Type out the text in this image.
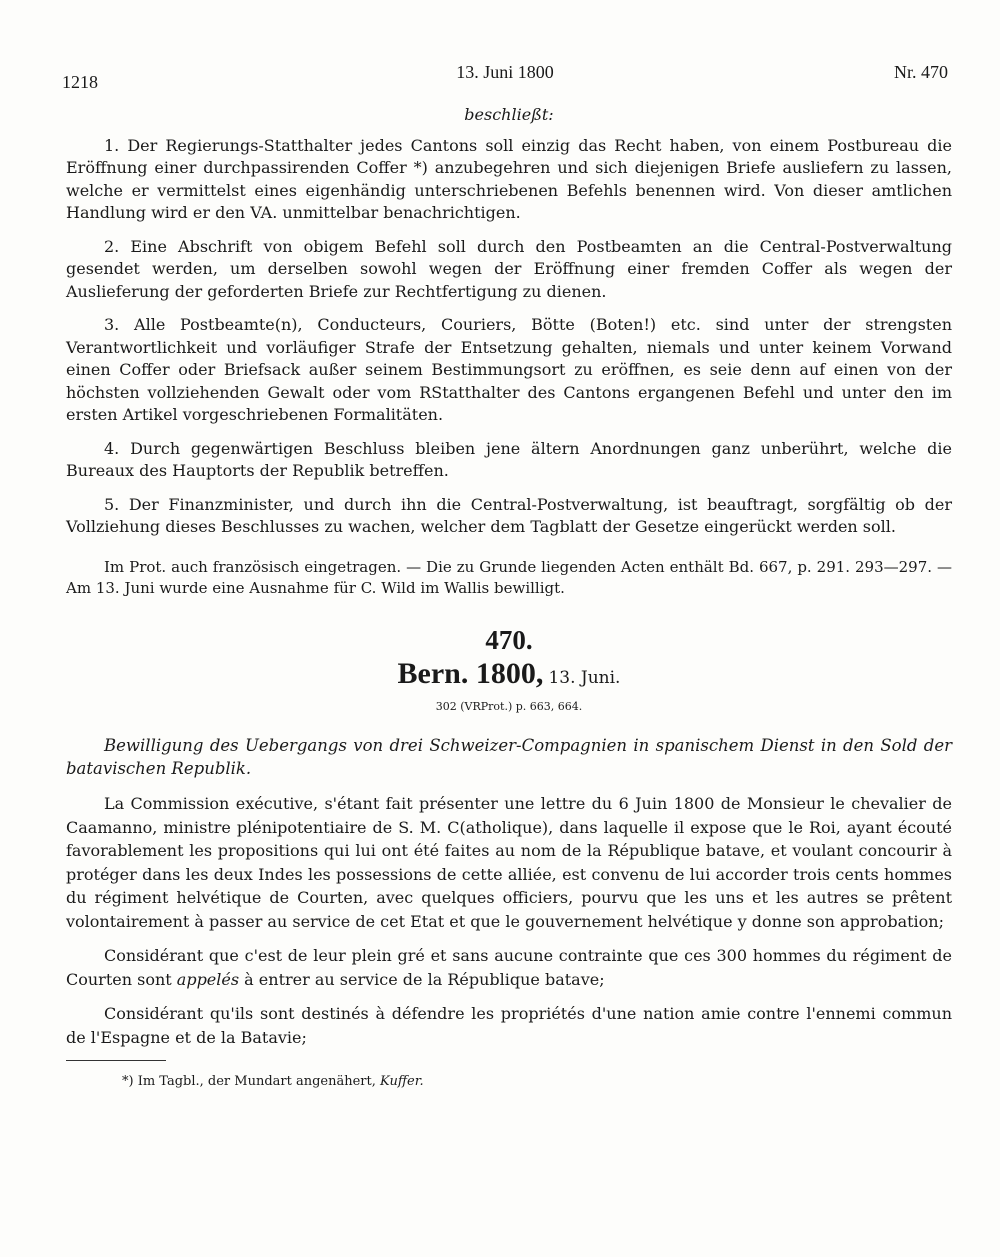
1218	13. Juni 1800	Nr. 470
beschließt:

1. Der Regierungs-Statthalter jedes Cantons soll einzig das Recht haben, von einem Postbureau die Eröffnung einer durchpassirenden Coffer *) anzubegehren und sich diejenigen Briefe ausliefern zu lassen, welche er vermittelst eines eigenhändig unterschriebenen Befehls benennen wird. Von dieser amtlichen Handlung wird er den VA. unmittelbar benachrichtigen.

2. Eine Abschrift von obigem Befehl soll durch den Postbeamten an die Central-Postverwaltung gesendet werden, um derselben sowohl wegen der Eröffnung einer fremden Coffer als wegen der Auslieferung der geforderten Briefe zur Rechtfertigung zu dienen.

3. Alle Postbeamte(n), Conducteurs, Couriers, Bötte (Boten!) etc. sind unter der strengsten Verantwortlichkeit und vorläufiger Strafe der Entsetzung gehalten, niemals und unter keinem Vorwand einen Coffer oder Briefsack außer seinem Bestimmungsort zu eröffnen, es seie denn auf einen von der höchsten vollziehenden Gewalt oder vom RStatthalter des Cantons ergangenen Befehl und unter den im ersten Artikel vorgeschriebenen Formalitäten.

4. Durch gegenwärtigen Beschluss bleiben jene ältern Anordnungen ganz unberührt, welche die Bureaux des Hauptorts der Republik betreffen.

5. Der Finanzminister, und durch ihn die Central-Postverwaltung, ist beauftragt, sorgfältig ob der Vollziehung dieses Beschlusses zu wachen, welcher dem Tagblatt der Gesetze eingerückt werden soll.

Im Prot. auch französisch eingetragen. — Die zu Grunde liegenden Acten enthält Bd. 667, p. 291. 293—297. — Am 13. Juni wurde eine Ausnahme für C. Wild im Wallis bewilligt.

470.
Bern. 1800, 13. Juni.
302 (VRProt.) p. 663, 664.

Bewilligung des Uebergangs von drei Schweizer-Compagnien in spanischem Dienst in den Sold der batavischen Republik.

La Commission exécutive, s'étant fait présenter une lettre du 6 Juin 1800 de Monsieur le chevalier de Caamanno, ministre plénipotentiaire de S. M. C(atholique), dans laquelle il expose que le Roi, ayant écouté favorablement les propositions qui lui ont été faites au nom de la République batave, et voulant concourir à protéger dans les deux Indes les possessions de cette alliée, est convenu de lui accorder trois cents hommes du régiment helvétique de Courten, avec quelques officiers, pourvu que les uns et les autres se prêtent volontairement à passer au service de cet Etat et que le gouvernement helvétique y donne son approbation;

Considérant que c'est de leur plein gré et sans aucune contrainte que ces 300 hommes du régiment de Courten sont appelés à entrer au service de la République batave;

Considérant qu'ils sont destinés à défendre les propriétés d'une nation amie contre l'ennemi commun de l'Espagne et de la Batavie;

*) Im Tagbl., der Mundart angenähert, Kuffer.
